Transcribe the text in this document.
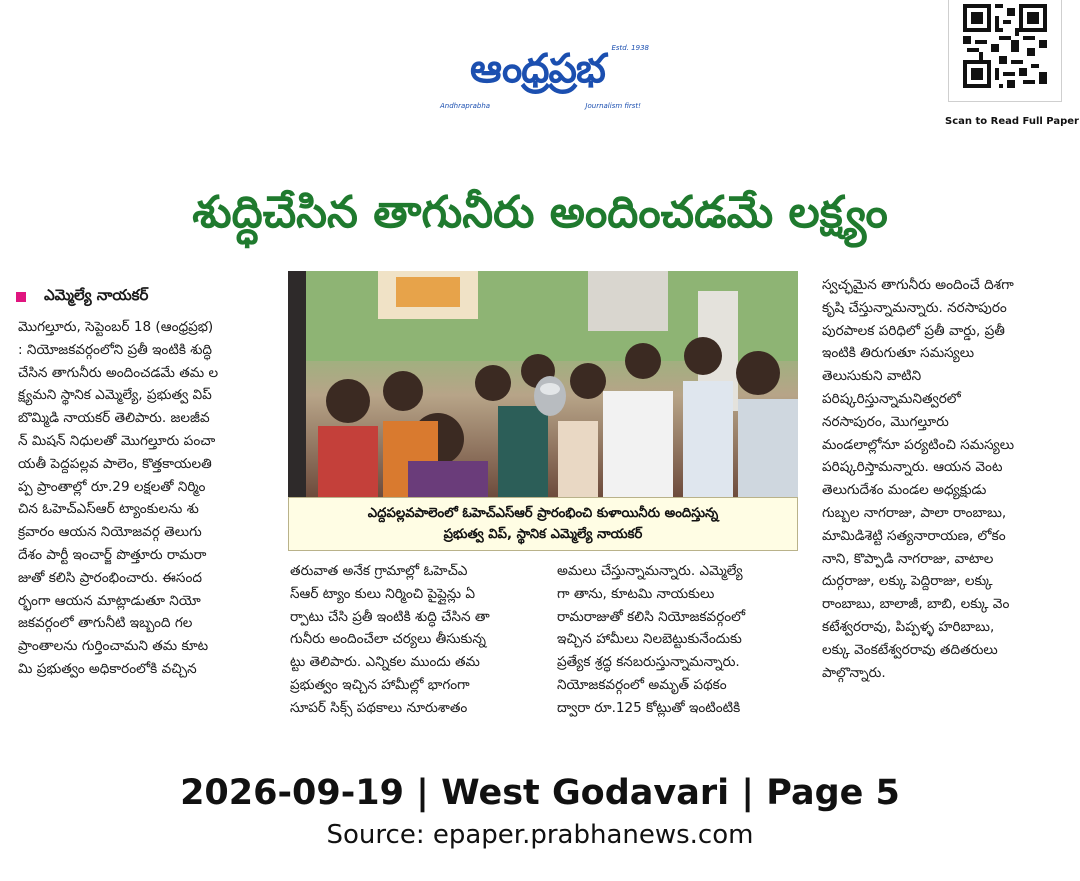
ఆంధ్రప్రభ Estd. 1938
Andhraprabha	Journalism first!
Scan to Read Full Paper
శుద్ధిచేసిన తాగునీరు అందించడమే లక్ష్యం
ఎమ్మెల్యే నాయకర్

మొగల్తూరు, సెప్టెంబర్ 18 (ఆంధ్రప్రభ)

: నియోజకవర్గంలోని ప్రతీ ఇంటికి శుద్ధి

చేసిన తాగునీరు అందించడమే తమ ల

క్ష్యమని స్థానిక ఎమ్మెల్యే, ప్రభుత్వ విప్

బొమ్మిడి నాయకర్ తెలిపారు. జలజీవ

న్ మిషన్ నిధులతో మొగల్తూరు పంచా

యతీ పెద్దపల్లవ పాలెం, కొత్తకాయలతి

ప్ప ప్రాంతాల్లో రూ.29 లక్షలతో నిర్మిం

చిన ఓహెచ్ఎస్ఆర్ ట్యాంకులను శు

క్రవారం ఆయన నియోజవర్గ తెలుగు

దేశం పార్టీ ఇంచార్జ్ పొత్తూరు రామరా

జుతో కలిసి ప్రారంభించారు. ఈసంద

ర్భంగా ఆయన మాట్లాడుతూ నియో

జకవర్గంలో తాగునీటి ఇబ్బంది గల

ప్రాంతాలను గుర్తించామని తమ కూట

మి ప్రభుత్వం అధికారంలోకి వచ్చిన

ఎద్దపల్లవపాలెంలో ఓహెచ్ఎస్ఆర్ ప్రారంభించి కుళాయినీరు అందిస్తున్న
ప్రభుత్వ విప్, స్థానిక ఎమ్మెల్యే నాయకర్

తరువాత అనేక గ్రామాల్లో ఓహెచ్ఎ

స్ఆర్ ట్యాం కులు నిర్మించి పైప్లైన్లు ఏ

ర్పాటు చేసి ప్రతీ ఇంటికి శుద్ధి చేసిన తా

గునీరు అందించేలా చర్యలు తీసుకున్న

ట్టు తెలిపారు. ఎన్నికల ముందు తమ

ప్రభుత్వం ఇచ్చిన హామీల్లో భాగంగా

సూపర్ సిక్స్ పథకాలు నూరుశాతం

అమలు చేస్తున్నామన్నారు. ఎమ్మెల్యే

గా తాను, కూటమి నాయకులు

రామరాజుతో కలిసి నియోజకవర్గంలో

ఇచ్చిన హామీలు నిలబెట్టుకునేందుకు

ప్రత్యేక శ్రద్ధ కనబరుస్తున్నామన్నారు.

నియోజకవర్గంలో అమృత్ పథకం

ద్వారా రూ.125 కోట్లుతో ఇంటింటికి

స్వచ్ఛమైన తాగునీరు అందించే దిశగా

కృషి చేస్తున్నామన్నారు. నరసాపురం

పురపాలక పరిధిలో ప్రతీ వార్డు, ప్రతీ

ఇంటికి తిరుగుతూ సమస్యలు

తెలుసుకుని వాటిని

పరిష్కరిస్తున్నామనిత్వరలో

నరసాపురం, మొగల్తూరు

మండలాల్లోనూ పర్యటించి సమస్యలు

పరిష్కరిస్తామన్నారు. ఆయన వెంట

తెలుగుదేశం మండల అధ్యక్షుడు

గుబ్బల నాగరాజు, పాలా రాంబాబు,

మామిడిశెట్టి సత్యనారాయణ, లోకం

నాని, కొప్పాడి నాగరాజు, వాటాల

దుర్గరాజు, లక్కు పెద్దిరాజు, లక్కు

రాంబాబు, బాలాజీ, బాబి, లక్కు వెం

కటేశ్వరరావు, పిప్పళ్ళ హరిబాబు,

లక్కు వెంకటేశ్వరరావు తదితరులు

పాల్గొన్నారు.

2026-09-19 | West Godavari | Page 5
Source: epaper.prabhanews.com
